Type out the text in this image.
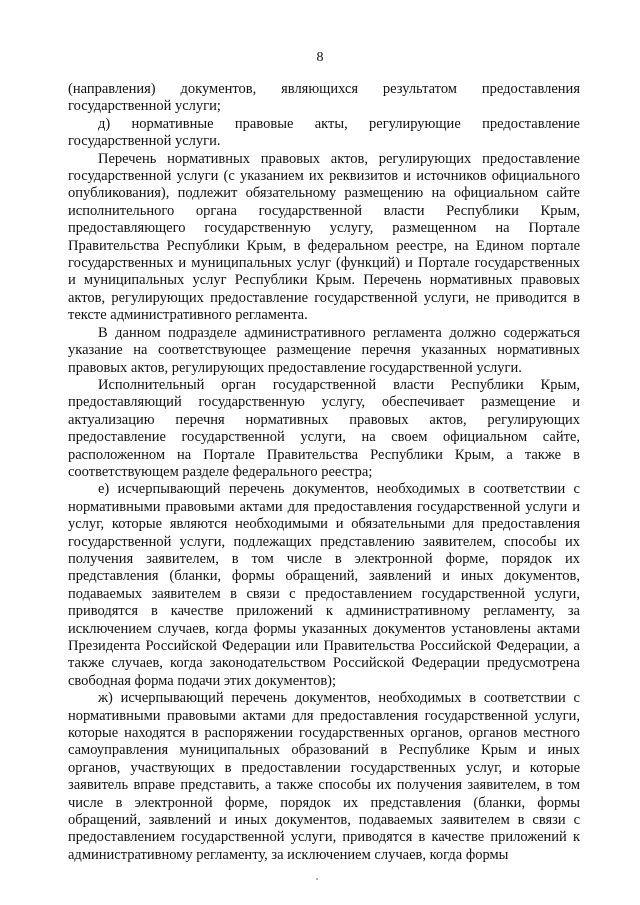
8

(направления) документов, являющихся результатом предоставления государственной услуги;

д) нормативные правовые акты, регулирующие предоставление государственной услуги.

Перечень нормативных правовых актов, регулирующих предоставление государственной услуги (с указанием их реквизитов и источников официального опубликования), подлежит обязательному размещению на официальном сайте исполнительного органа государственной власти Республики Крым, предоставляющего государственную услугу, размещенном на Портале Правительства Республики Крым, в федеральном реестре, на Едином портале государственных и муниципальных услуг (функций) и Портале государственных и муниципальных услуг Республики Крым. Перечень нормативных правовых актов, регулирующих предоставление государственной услуги, не приводится в тексте административного регламента.

В данном подразделе административного регламента должно содержаться указание на соответствующее размещение перечня указанных нормативных правовых актов, регулирующих предоставление государственной услуги.

Исполнительный орган государственной власти Республики Крым, предоставляющий государственную услугу, обеспечивает размещение и актуализацию перечня нормативных правовых актов, регулирующих предоставление государственной услуги, на своем официальном сайте, расположенном на Портале Правительства Республики Крым, а также в соответствующем разделе федерального реестра;

е) исчерпывающий перечень документов, необходимых в соответствии с нормативными правовыми актами для предоставления государственной услуги и услуг, которые являются необходимыми и обязательными для предоставления государственной услуги, подлежащих представлению заявителем, способы их получения заявителем, в том числе в электронной форме, порядок их представления (бланки, формы обращений, заявлений и иных документов, подаваемых заявителем в связи с предоставлением государственной услуги, приводятся в качестве приложений к административному регламенту, за исключением случаев, когда формы указанных документов установлены актами Президента Российской Федерации или Правительства Российской Федерации, а также случаев, когда законодательством Российской Федерации предусмотрена свободная форма подачи этих документов);

ж) исчерпывающий перечень документов, необходимых в соответствии с нормативными правовыми актами для предоставления государственной услуги, которые находятся в распоряжении государственных органов, органов местного самоуправления муниципальных образований в Республике Крым и иных органов, участвующих в предоставлении государственных услуг, и которые заявитель вправе представить, а также способы их получения заявителем, в том числе в электронной форме, порядок их представления (бланки, формы обращений, заявлений и иных документов, подаваемых заявителем в связи с предоставлением государственной услуги, приводятся в качестве приложений к административному регламенту, за исключением случаев, когда формы
